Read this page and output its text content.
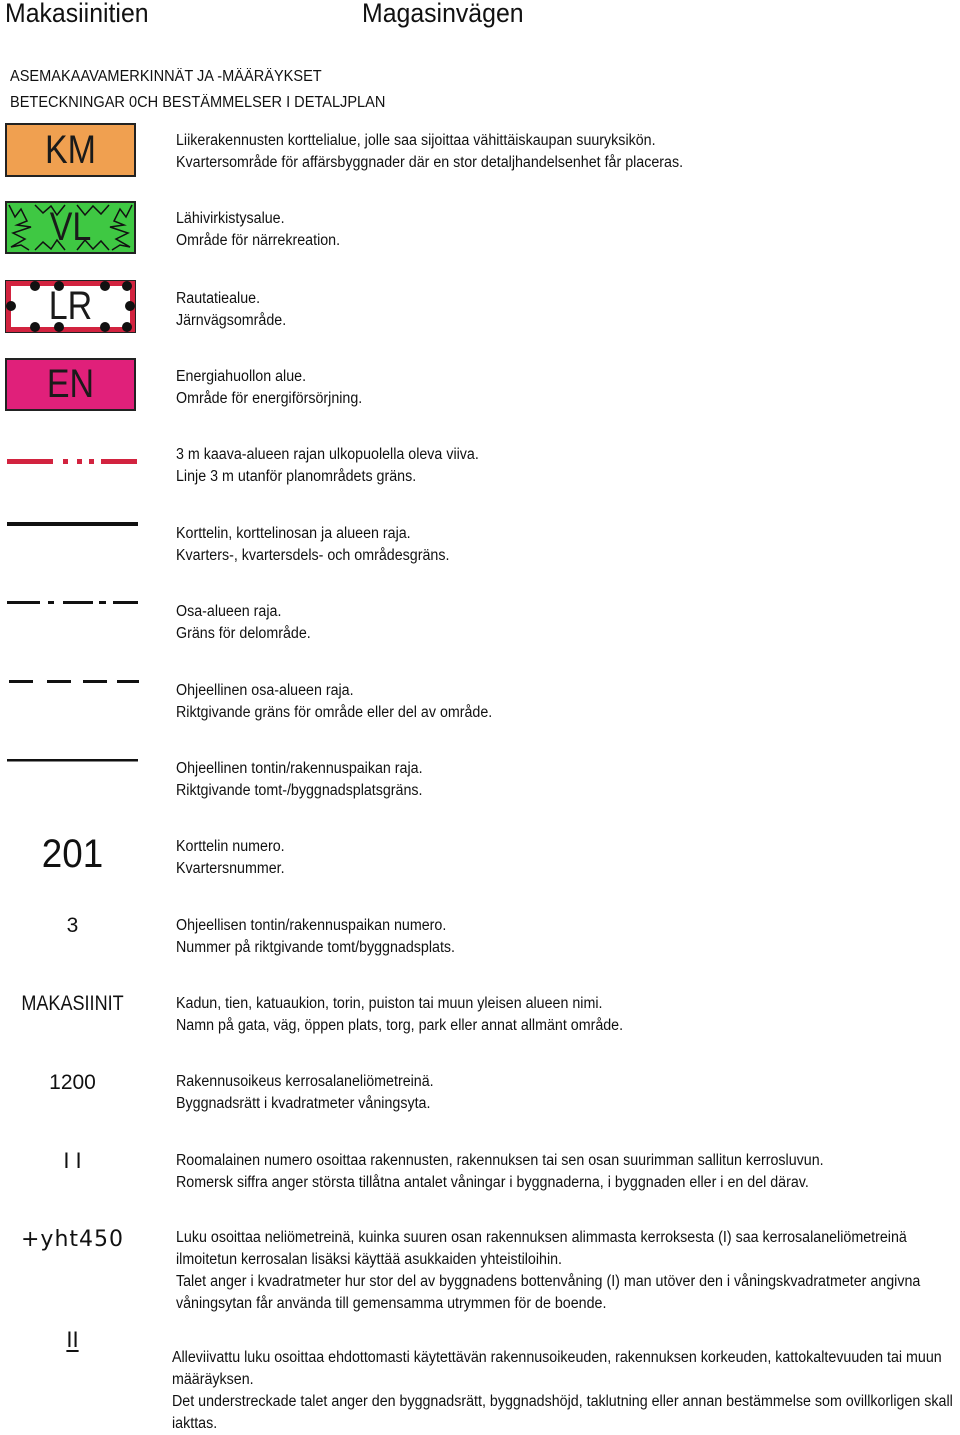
Makasiinitien	Magasinvägen
ASEMAKAAVAMERKINNÄT JA -MÄÄRÄYKSET
BETECKNINGAR 0CH BESTÄMMELSER I DETALJPLAN
KM	Liikerakennusten korttelialue, jolle saa sijoittaa vähittäiskaupan suuryksikön.
Kvartersområde för affärsbyggnader där en stor detaljhandelsenhet får placeras.
VL	Lähivirkistysalue.
Område för närrekreation.
LR	Rautatiealue.
Järnvägsområde.
EN	Energiahuollon alue.
Område för energiförsörjning.
3 m kaava-alueen rajan ulkopuolella oleva viiva.
Linje 3 m utanför planområdets gräns.
Korttelin, korttelinosan ja alueen raja.
Kvarters-, kvartersdels- och områdesgräns.
Osa-alueen raja.
Gräns för delområde.
Ohjeellinen osa-alueen raja.
Riktgivande gräns för område eller del av område.
Ohjeellinen tontin/rakennuspaikan raja.
Riktgivande tomt-/byggnadsplatsgräns.
201	Korttelin numero.
Kvartersnummer.
3	Ohjeellisen tontin/rakennuspaikan numero.
Nummer på riktgivande tomt/byggnadsplats.
MAKASIINIT	Kadun, tien, katuaukion, torin, puiston tai muun yleisen alueen nimi.
Namn på gata, väg, öppen plats, torg, park eller annat allmänt område.
1200	Rakennusoikeus kerrosalaneliömetreinä.
Byggnadsrätt i kvadratmeter våningsyta.
I I	Roomalainen numero osoittaa rakennusten, rakennuksen tai sen osan suurimman sallitun kerrosluvun.
Romersk siffra anger största tillåtna antalet våningar i byggnaderna, i byggnaden eller i en del därav.
+yht450	Luku osoittaa neliömetreinä, kuinka suuren osan rakennuksen alimmasta kerroksesta (I) saa kerrosalaneliömetreinä ilmoitetun kerrosalan lisäksi käyttää asukkaiden yhteistiloihin.
Talet anger i kvadratmeter hur stor del av byggnadens bottenvåning (I) man utöver den i våningskvadratmeter angivna våningsytan får använda till gemensamma utrymmen för de boende.
II
Alleviivattu luku osoittaa ehdottomasti käytettävän rakennusoikeuden, rakennuksen korkeuden, kattokaltevuuden tai muun määräyksen.
Det understreckade talet anger den byggnadsrätt, byggnadshöjd, taklutning eller annan bestämmelse som ovillkorligen skall iakttas.
